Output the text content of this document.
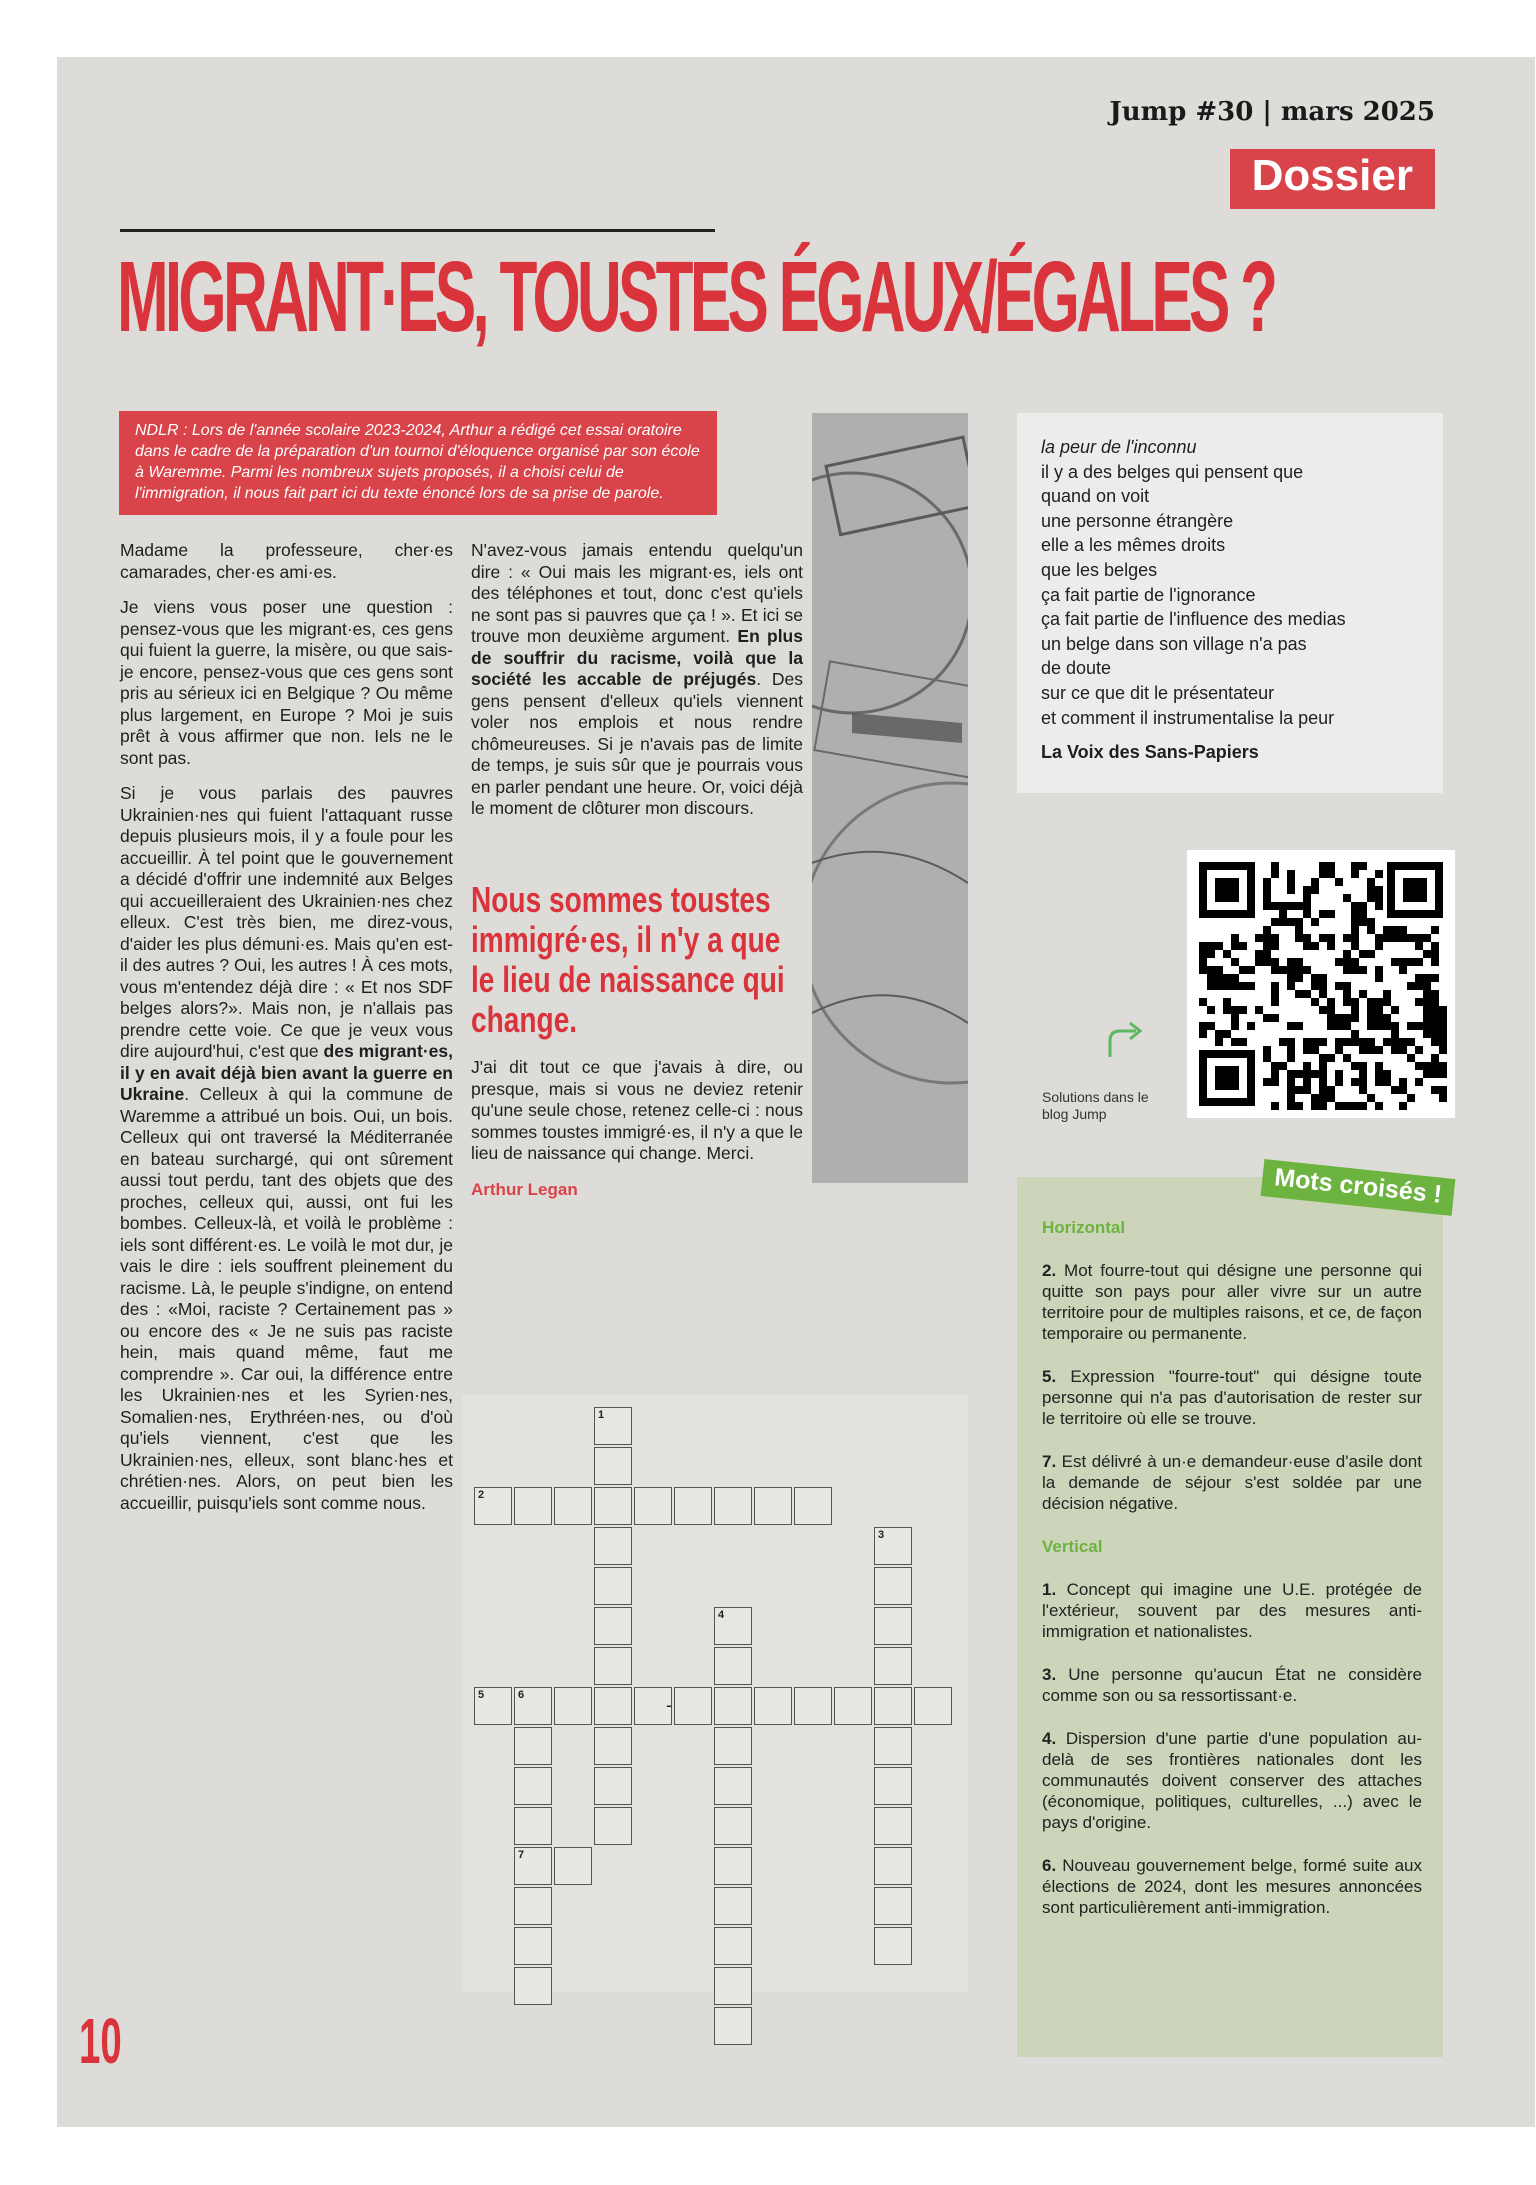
Jump #30 | mars 2025
Dossier
MIGRANT·ES, TOUSTES ÉGAUX/ÉGALES ?
NDLR : Lors de l'année scolaire 2023-2024, Arthur a rédigé cet essai oratoire dans le cadre de la préparation d'un tournoi d'éloquence organisé par son école à Waremme. Parmi les nombreux sujets proposés, il a choisi celui de l'immigration, il nous fait part ici du texte énoncé lors de sa prise de parole.

Madame la professeure, cher·es camarades, cher·es ami·es.

Je viens vous poser une question : pensez-vous que les migrant·es, ces gens qui fuient la guerre, la misère, ou que sais-je encore, pensez-vous que ces gens sont pris au sérieux ici en Belgique ? Ou même plus largement, en Europe ? Moi je suis prêt à vous affirmer que non. Iels ne le sont pas.

Si je vous parlais des pauvres Ukrainien·nes qui fuient l'attaquant russe depuis plusieurs mois, il y a foule pour les accueillir. À tel point que le gouvernement a décidé d'offrir une indemnité aux Belges qui accueilleraient des Ukrainien·nes chez elleux. C'est très bien, me direz-vous, d'aider les plus démuni·es. Mais qu'en est-il des autres ? Oui, les autres ! À ces mots, vous m'entendez déjà dire : « Et nos SDF belges alors?». Mais non, je n'allais pas prendre cette voie. Ce que je veux vous dire aujourd'hui, c'est que des migrant·es, il y en avait déjà bien avant la guerre en Ukraine. Celleux à qui la commune de Waremme a attribué un bois. Oui, un bois. Celleux qui ont traversé la Méditerranée en bateau surchargé, qui ont sûrement aussi tout perdu, tant des objets que des proches, celleux qui, aussi, ont fui les bombes. Celleux-là, et voilà le problème : iels sont différent·es. Le voilà le mot dur, je vais le dire : iels souffrent pleinement du racisme. Là, le peuple s'indigne, on entend des : «Moi, raciste ? Certainement pas » ou encore des « Je ne suis pas raciste hein, mais quand même, faut me comprendre ». Car oui, la différence entre les Ukrainien·nes et les Syrien·nes, Somalien·nes, Erythréen·nes, ou d'où qu'iels viennent, c'est que les Ukrainien·nes, elleux, sont blanc·hes et chrétien·nes. Alors, on peut bien les accueillir, puisqu'iels sont comme nous.

N'avez-vous jamais entendu quelqu'un dire : « Oui mais les migrant·es, iels ont des téléphones et tout, donc c'est qu'iels ne sont pas si pauvres que ça ! ». Et ici se trouve mon deuxième argument. En plus de souffrir du racisme, voilà que la société les accable de préjugés. Des gens pensent d'elleux qu'iels viennent voler nos emplois et nous rendre chômeureuses. Si je n'avais pas de limite de temps, je suis sûr que je pourrais vous en parler pendant une heure. Or, voici déjà le moment de clôturer mon discours.

Nous sommes toustes immigré·es, il n'y a que le lieu de naissance qui change.

J'ai dit tout ce que j'avais à dire, ou presque, mais si vous ne deviez retenir qu'une seule chose, retenez celle-ci : nous sommes toustes immigré·es, il n'y a que le lieu de naissance qui change. Merci.

Arthur Legan
la peur de l'inconnu
il y a des belges qui pensent que
quand on voit
une personne étrangère
elle a les mêmes droits
que les belges
ça fait partie de l'ignorance
ça fait partie de l'influence des medias
un belge dans son village n'a pas
de doute
sur ce que dit le présentateur
et comment il instrumentalise la peur
La Voix des Sans-Papiers
Solutions dans le blog Jump
Mots croisés !
Horizontal

2. Mot fourre-tout qui désigne une personne qui quitte son pays pour aller vivre sur un autre territoire pour de multiples raisons, et ce, de façon temporaire ou permanente.

5. Expression "fourre-tout" qui désigne toute personne qui n'a pas d'autorisation de rester sur le territoire où elle se trouve.

7. Est délivré à un·e demandeur·euse d'asile dont la demande de séjour s'est soldée par une décision négative.

Vertical

1. Concept qui imagine une U.E. protégée de l'extérieur, souvent par des mesures anti-immigration et nationalistes.

3. Une personne qu'aucun État ne considère comme son ou sa ressortissant·e.

4. Dispersion d'une partie d'une population au-delà de ses frontières nationales dont les communautés doivent conserver des attaches (économique, politiques, culturelles, ...) avec le pays d'origine.

6. Nouveau gouvernement belge, formé suite aux élections de 2024, dont les mesures annoncées sont particulièrement anti-immigration.

1
2
3
4
5	6
7
-
10
